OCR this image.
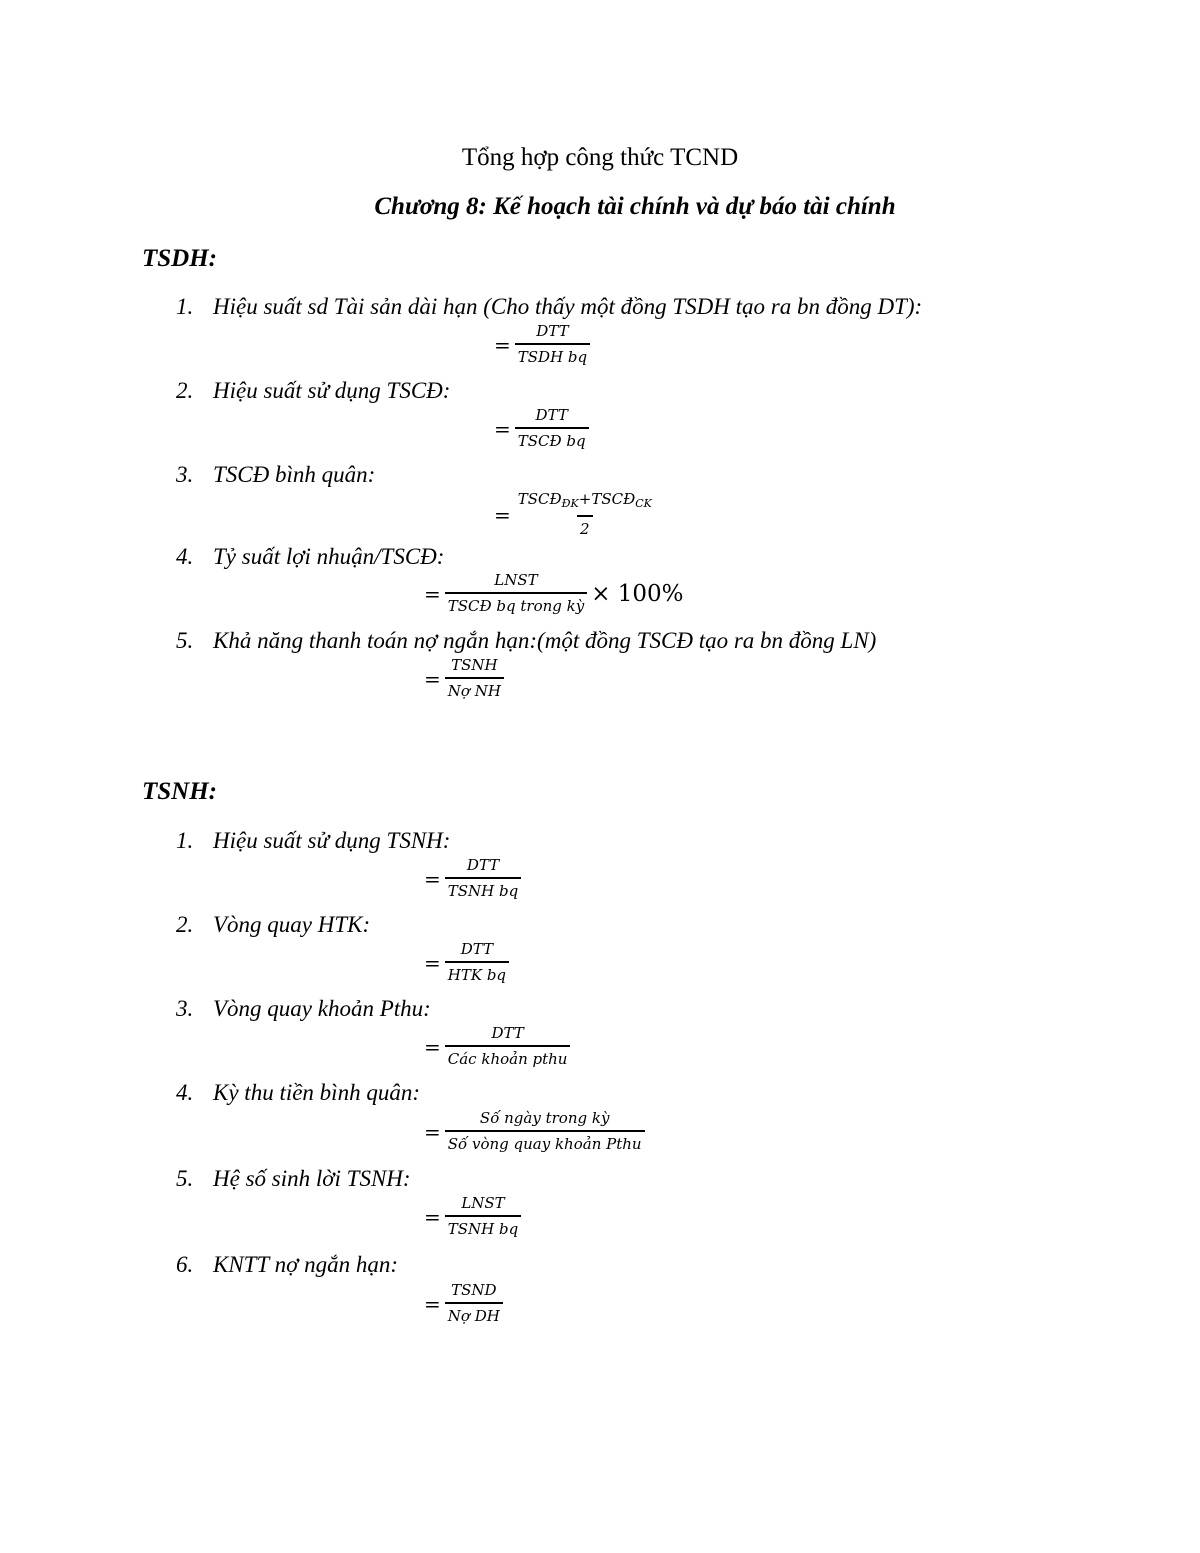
Tổng hợp công thức TCND
Chương 8: Kế hoạch tài chính và dự báo tài chính
TSDH:
1. Hiệu suất sd Tài sản dài hạn (Cho thấy một đồng TSDH tạo ra bn đồng DT):
= $\frac{\text{DTT}}{\text{TSDH bq}}$
2. Hiệu suất sử dụng TSCĐ:
= $\frac{\text{DTT}}{\text{TSCĐ bq}}$
3. TSCĐ bình quân:
= $\frac{TSCĐ_{ĐK}+TSCĐ_{CK}}{2}$
4. Tỷ suất lợi nhuận/TSCĐ:
= $\frac{\text{LNST}}{\text{TSCĐ bq trong kỳ}} \times 100\%$
5. Khả năng thanh toán nợ ngắn hạn:(một đồng TSCĐ tạo ra bn đồng LN)
= $\frac{\text{TSNH}}{\text{Nợ NH}}$
TSNH:
1. Hiệu suất sử dụng TSNH:
= $\frac{\text{DTT}}{\text{TSNH bq}}$
2. Vòng quay HTK:
= $\frac{\text{DTT}}{\text{HTK bq}}$
3. Vòng quay khoản Pthu:
= $\frac{\text{DTT}}{\text{Các khoản pthu}}$
4. Kỳ thu tiền bình quân:
= $\frac{\text{Số ngày trong kỳ}}{\text{Số vòng quay khoản Pthu}}$
5. Hệ số sinh lời TSNH:
= $\frac{\text{LNST}}{\text{TSNH bq}}$
6. KNTT nợ ngắn hạn:
= $\frac{\text{TSND}}{\text{Nợ DH}}$
